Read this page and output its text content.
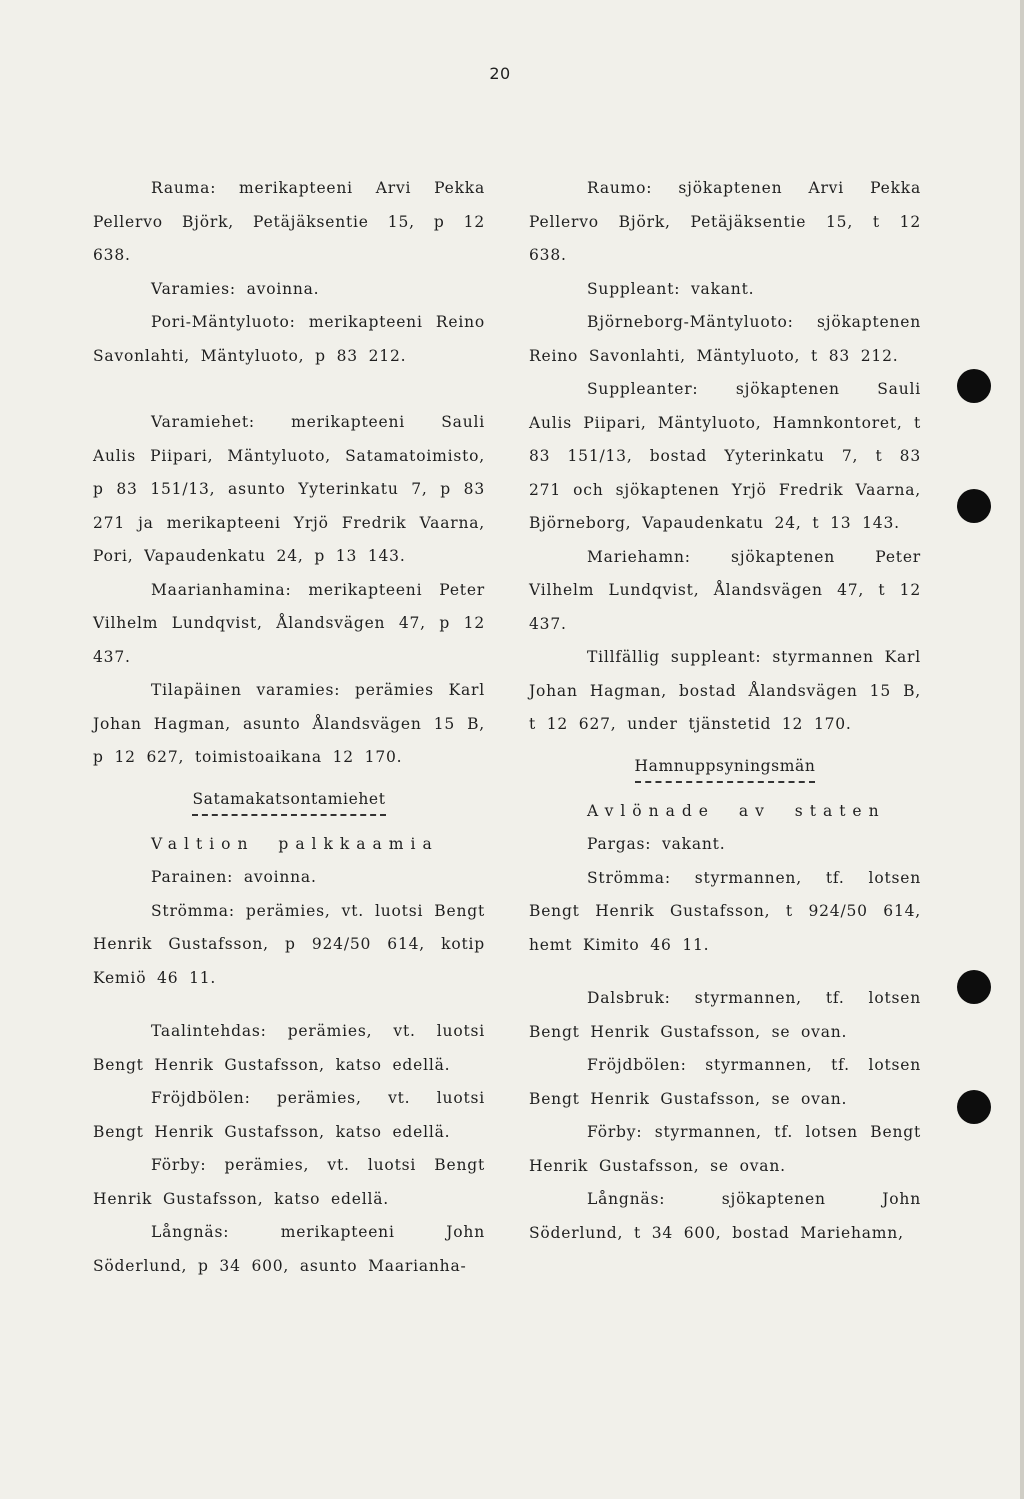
20

Rauma: merikapteeni Arvi Pekka Pellervo Björk, Petäjäksentie 15, p 12 638.

Varamies: avoinna.

Pori-Mäntyluoto: merikapteeni Reino Savonlahti, Mäntyluoto, p 83 212.

Varamiehet: merikapteeni Sauli Aulis Piipari, Mäntyluoto, Satamatoimisto, p 83 151/13, asunto Yyterinkatu 7, p 83 271 ja merikapteeni Yrjö Fredrik Vaarna, Pori, Vapaudenkatu 24, p 13 143.

Maarianhamina: merikapteeni Peter Vilhelm Lundqvist, Ålandsvägen 47, p 12 437.

Tilapäinen varamies: perämies Karl Johan Hagman, asunto Ålandsvägen 15 B, p 12 627, toimistoaikana 12 170.

Satamakatsontamiehet

Valtion palkkaamia

Parainen: avoinna.

Strömma: perämies, vt. luotsi Bengt Henrik Gustafsson, p 924/50 614, kotip Kemiö 46 11.

Taalintehdas: perämies, vt. luotsi Bengt Henrik Gustafsson, katso edellä.

Fröjdbölen: perämies, vt. luotsi Bengt Henrik Gustafsson, katso edellä.

Förby: perämies, vt. luotsi Bengt Henrik Gustafsson, katso edellä.

Långnäs: merikapteeni John Söderlund, p 34 600, asunto Maarianha-

Raumo: sjökaptenen Arvi Pekka Pellervo Björk, Petäjäksentie 15, t 12 638.

Suppleant: vakant.

Björneborg-Mäntyluoto: sjökaptenen Reino Savonlahti, Mäntyluoto, t 83 212.

Suppleanter: sjökaptenen Sauli Aulis Piipari, Mäntyluoto, Hamnkontoret, t 83 151/13, bostad Yyterinkatu 7, t 83 271 och sjökaptenen Yrjö Fredrik Vaarna, Björneborg, Vapaudenkatu 24, t 13 143.

Mariehamn: sjökaptenen Peter Vilhelm Lundqvist, Ålandsvägen 47, t 12 437.

Tillfällig suppleant: styrmannen Karl Johan Hagman, bostad Ålandsvägen 15 B, t 12 627, under tjänstetid 12 170.

Hamnuppsyningsmän

Avlönade av staten

Pargas: vakant.

Strömma: styrmannen, tf. lotsen Bengt Henrik Gustafsson, t 924/50 614, hemt Kimito 46 11.

Dalsbruk: styrmannen, tf. lotsen Bengt Henrik Gustafsson, se ovan.

Fröjdbölen: styrmannen, tf. lotsen Bengt Henrik Gustafsson, se ovan.

Förby: styrmannen, tf. lotsen Bengt Henrik Gustafsson, se ovan.

Långnäs: sjökaptenen John Söderlund, t 34 600, bostad Mariehamn,
